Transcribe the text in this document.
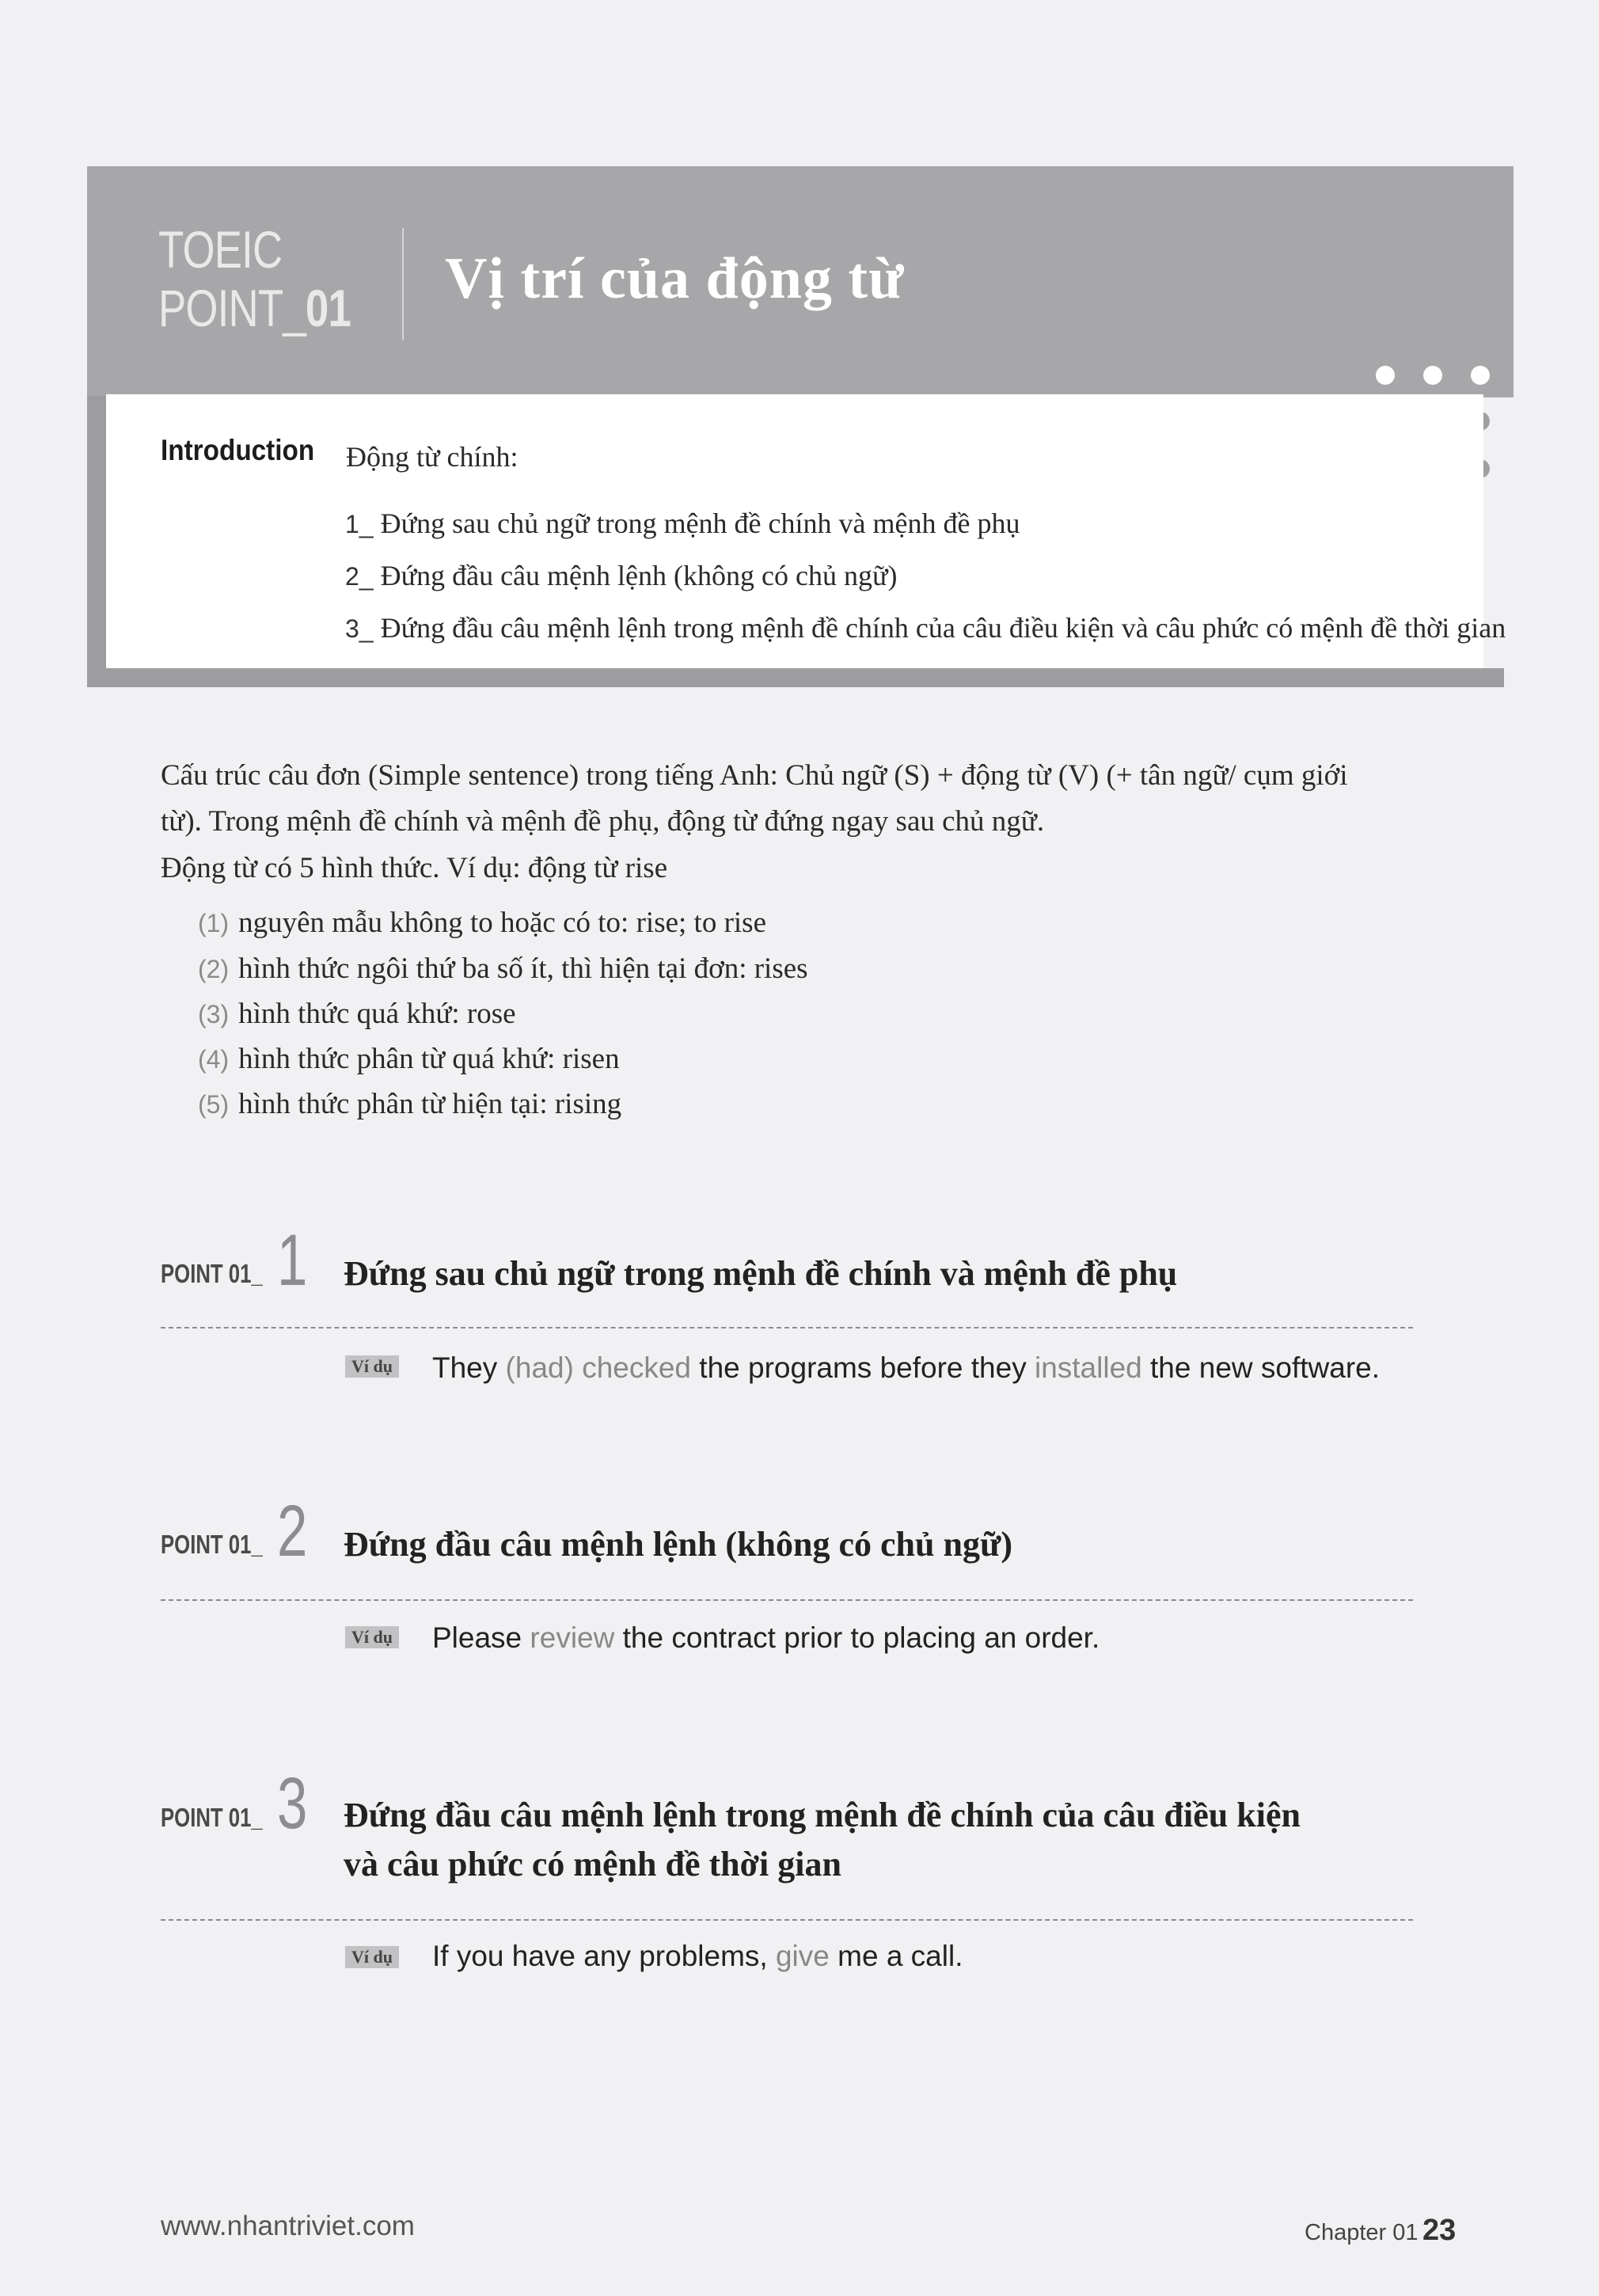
TOEIC
POINT_01 Vị trí của động từ
Introduction Động từ chính:
1_ Đứng sau chủ ngữ trong mệnh đề chính và mệnh đề phụ
2_ Đứng đầu câu mệnh lệnh (không có chủ ngữ)
3_ Đứng đầu câu mệnh lệnh trong mệnh đề chính của câu điều kiện và câu phức có mệnh đề thời gian
Cấu trúc câu đơn (Simple sentence) trong tiếng Anh: Chủ ngữ (S) + động từ (V) (+ tân ngữ/ cụm giới
từ). Trong mệnh đề chính và mệnh đề phụ, động từ đứng ngay sau chủ ngữ.
Động từ có 5 hình thức. Ví dụ: động từ rise
(1) nguyên mẫu không to hoặc có to: rise; to rise
(2) hình thức ngôi thứ ba số ít, thì hiện tại đơn: rises
(3) hình thức quá khứ: rose
(4) hình thức phân từ quá khứ: risen
(5) hình thức phân từ hiện tại: rising
POINT 01_ 1 Đứng sau chủ ngữ trong mệnh đề chính và mệnh đề phụ
Ví dụ They (had) checked the programs before they installed the new software.
POINT 01_ 2 Đứng đầu câu mệnh lệnh (không có chủ ngữ)
Ví dụ Please review the contract prior to placing an order.
POINT 01_ 3 Đứng đầu câu mệnh lệnh trong mệnh đề chính của câu điều kiện
và câu phức có mệnh đề thời gian
Ví dụ If you have any problems, give me a call.
www.nhantriviet.com	Chapter 01 23
